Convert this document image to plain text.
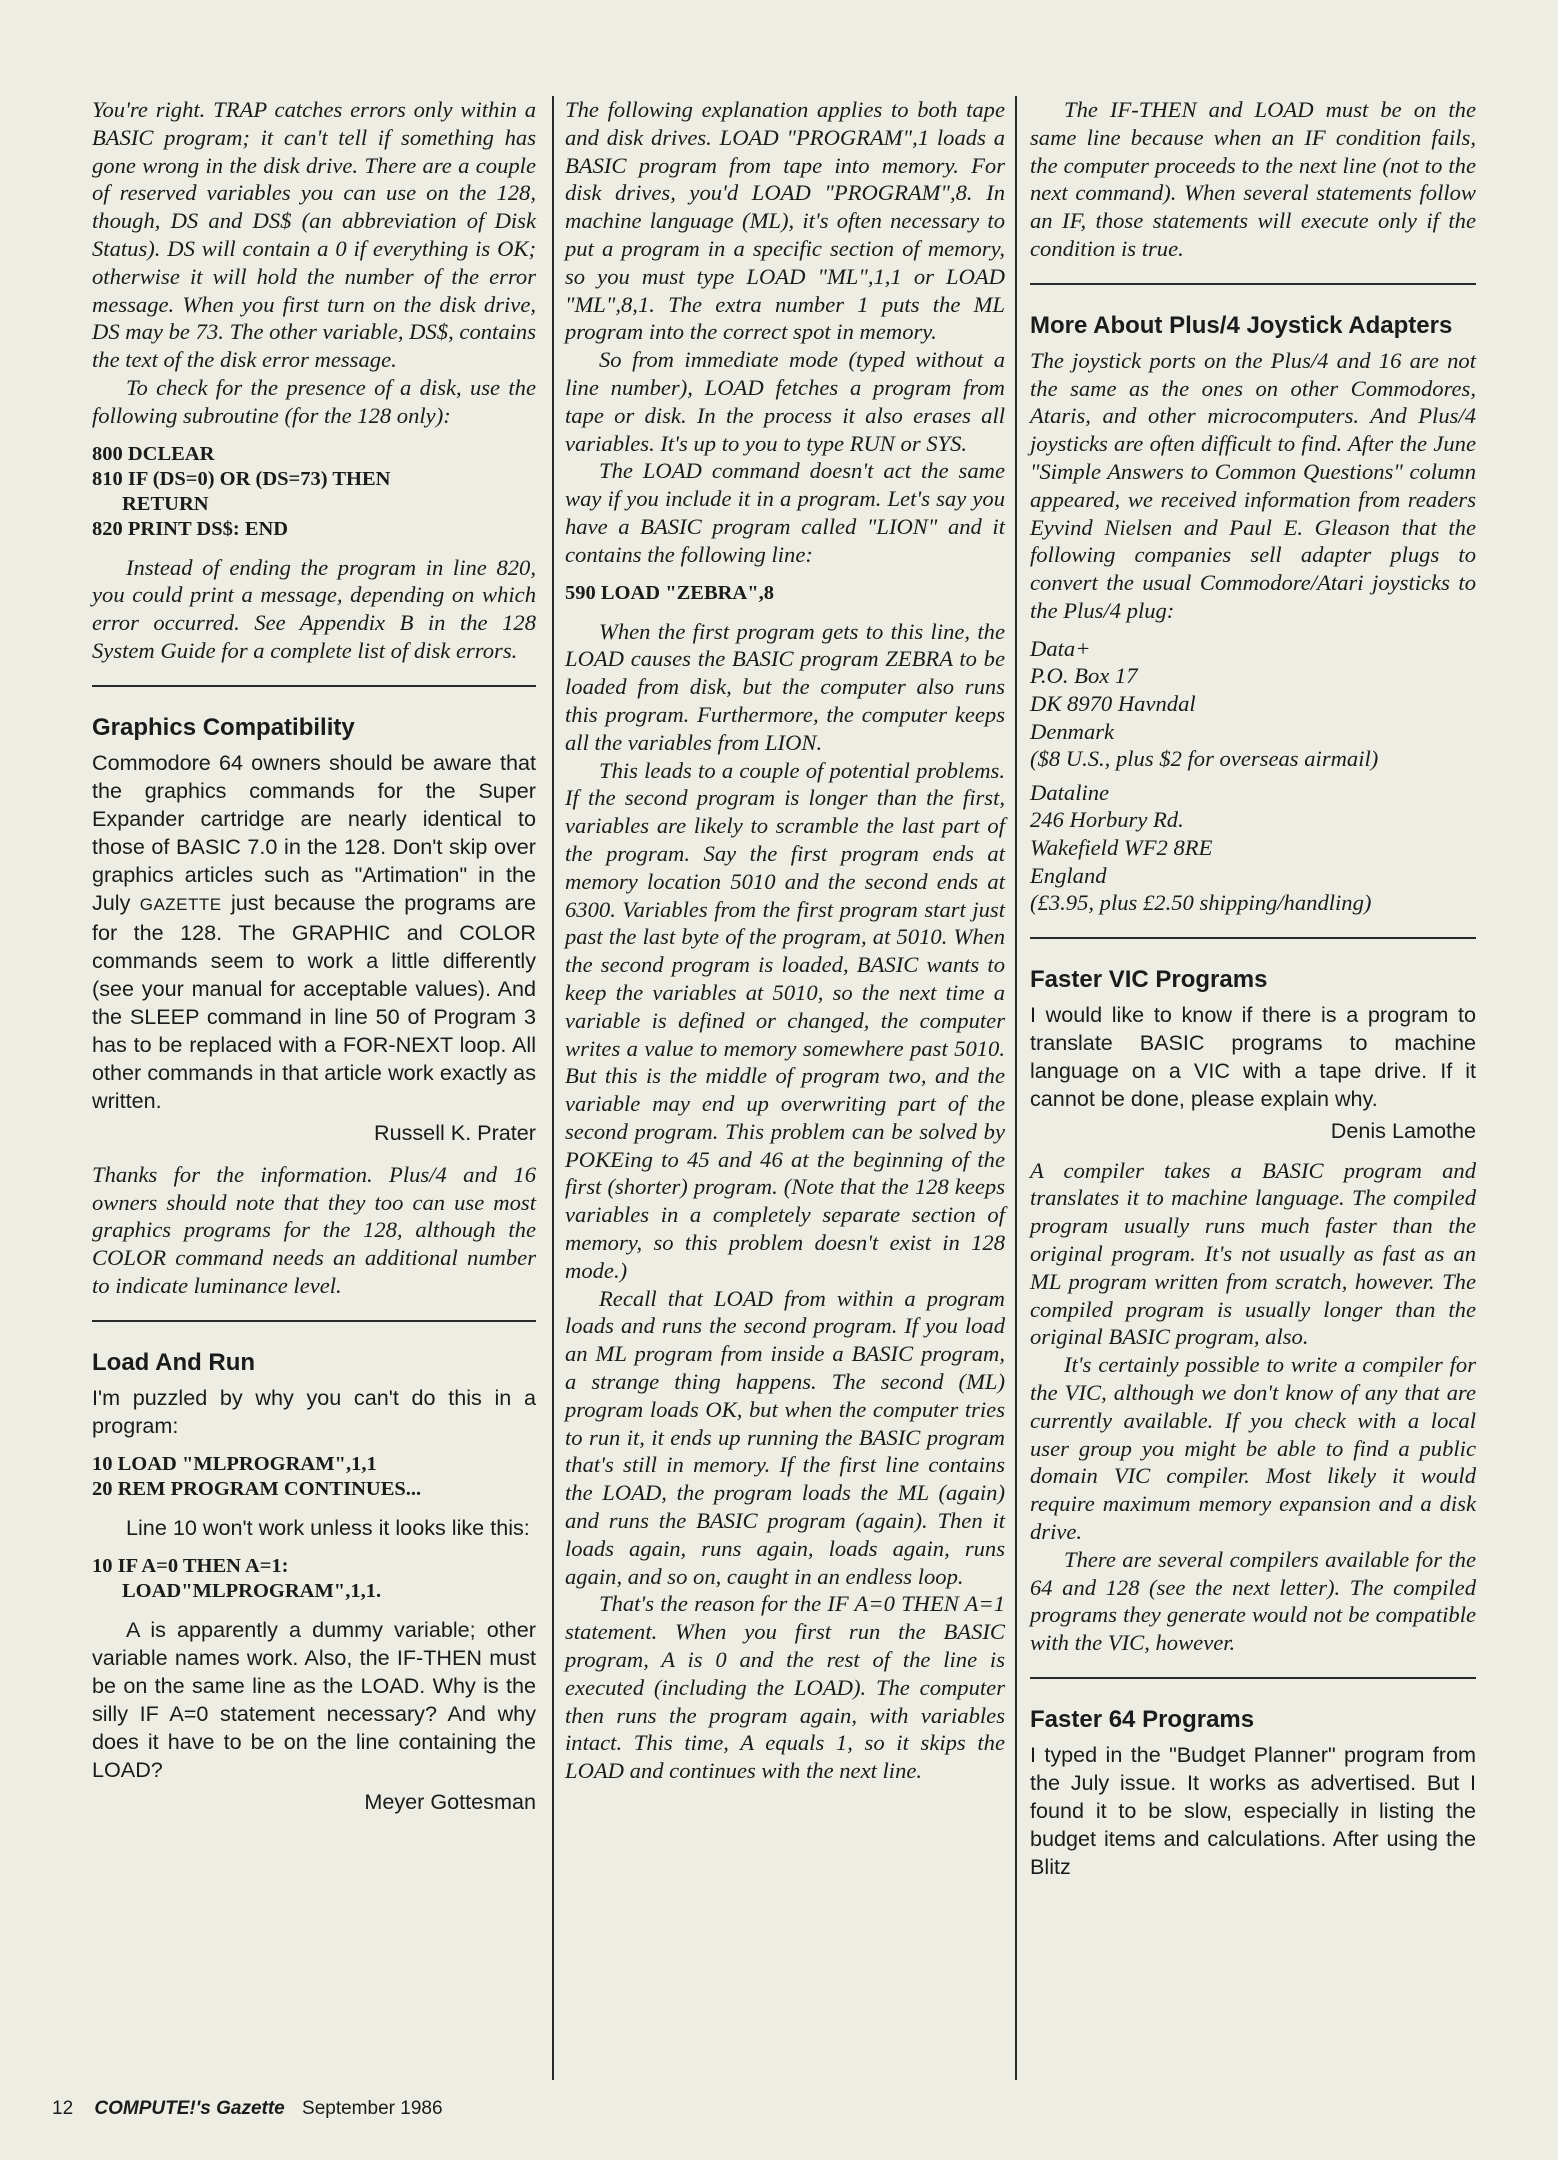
You're right. TRAP catches errors only within a BASIC program; it can't tell if something has gone wrong in the disk drive. There are a couple of reserved variables you can use on the 128, though, DS and DS$ (an abbreviation of Disk Status). DS will contain a 0 if everything is OK; otherwise it will hold the number of the error message. When you first turn on the disk drive, DS may be 73. The other variable, DS$, contains the text of the disk error message.

To check for the presence of a disk, use the following subroutine (for the 128 only):

800 DCLEAR
810 IF (DS=0) OR (DS=73) THEN
RETURN
820 PRINT DS$: END

Instead of ending the program in line 820, you could print a message, depending on which error occurred. See Appendix B in the 128 System Guide for a complete list of disk errors.

Graphics Compatibility

Commodore 64 owners should be aware that the graphics commands for the Super Expander cartridge are nearly identical to those of BASIC 7.0 in the 128. Don't skip over graphics articles such as "Artimation" in the July GAZETTE just because the programs are for the 128. The GRAPHIC and COLOR commands seem to work a little differently (see your manual for acceptable values). And the SLEEP command in line 50 of Program 3 has to be replaced with a FOR-NEXT loop. All other commands in that article work exactly as written.

Russell K. Prater

Thanks for the information. Plus/4 and 16 owners should note that they too can use most graphics programs for the 128, although the COLOR command needs an additional number to indicate luminance level.

Load And Run

I'm puzzled by why you can't do this in a program:

10 LOAD "MLPROGRAM",1,1
20 REM PROGRAM CONTINUES...

Line 10 won't work unless it looks like this:

10 IF A=0 THEN A=1:
LOAD"MLPROGRAM",1,1.

A is apparently a dummy variable; other variable names work. Also, the IF-THEN must be on the same line as the LOAD. Why is the silly IF A=0 statement necessary? And why does it have to be on the line containing the LOAD?

Meyer Gottesman

The following explanation applies to both tape and disk drives. LOAD "PROGRAM",1 loads a BASIC program from tape into memory. For disk drives, you'd LOAD "PROGRAM",8. In machine language (ML), it's often necessary to put a program in a specific section of memory, so you must type LOAD "ML",1,1 or LOAD "ML",8,1. The extra number 1 puts the ML program into the correct spot in memory.

So from immediate mode (typed without a line number), LOAD fetches a program from tape or disk. In the process it also erases all variables. It's up to you to type RUN or SYS.

The LOAD command doesn't act the same way if you include it in a program. Let's say you have a BASIC program called "LION" and it contains the following line:

590 LOAD "ZEBRA",8

When the first program gets to this line, the LOAD causes the BASIC program ZEBRA to be loaded from disk, but the computer also runs this program. Furthermore, the computer keeps all the variables from LION.

This leads to a couple of potential problems. If the second program is longer than the first, variables are likely to scramble the last part of the program. Say the first program ends at memory location 5010 and the second ends at 6300. Variables from the first program start just past the last byte of the program, at 5010. When the second program is loaded, BASIC wants to keep the variables at 5010, so the next time a variable is defined or changed, the computer writes a value to memory somewhere past 5010. But this is the middle of program two, and the variable may end up overwriting part of the second program. This problem can be solved by POKEing to 45 and 46 at the beginning of the first (shorter) program. (Note that the 128 keeps variables in a completely separate section of memory, so this problem doesn't exist in 128 mode.)

Recall that LOAD from within a program loads and runs the second program. If you load an ML program from inside a BASIC program, a strange thing happens. The second (ML) program loads OK, but when the computer tries to run it, it ends up running the BASIC program that's still in memory. If the first line contains the LOAD, the program loads the ML (again) and runs the BASIC program (again). Then it loads again, runs again, loads again, runs again, and so on, caught in an endless loop.

That's the reason for the IF A=0 THEN A=1 statement. When you first run the BASIC program, A is 0 and the rest of the line is executed (including the LOAD). The computer then runs the program again, with variables intact. This time, A equals 1, so it skips the LOAD and continues with the next line.

The IF-THEN and LOAD must be on the same line because when an IF condition fails, the computer proceeds to the next line (not to the next command). When several statements follow an IF, those statements will execute only if the condition is true.

More About Plus/4 Joystick Adapters

The joystick ports on the Plus/4 and 16 are not the same as the ones on other Commodores, Ataris, and other microcomputers. And Plus/4 joysticks are often difficult to find. After the June "Simple Answers to Common Questions" column appeared, we received information from readers Eyvind Nielsen and Paul E. Gleason that the following companies sell adapter plugs to convert the usual Commodore/Atari joysticks to the Plus/4 plug:

Data+
P.O. Box 17
DK 8970 Havndal
Denmark
($8 U.S., plus $2 for overseas airmail)
Dataline
246 Horbury Rd.
Wakefield WF2 8RE
England
(£3.95, plus £2.50 shipping/handling)
Faster VIC Programs

I would like to know if there is a program to translate BASIC programs to machine language on a VIC with a tape drive. If it cannot be done, please explain why.

Denis Lamothe

A compiler takes a BASIC program and translates it to machine language. The compiled program usually runs much faster than the original program. It's not usually as fast as an ML program written from scratch, however. The compiled program is usually longer than the original BASIC program, also.

It's certainly possible to write a compiler for the VIC, although we don't know of any that are currently available. If you check with a local user group you might be able to find a public domain VIC compiler. Most likely it would require maximum memory expansion and a disk drive.

There are several compilers available for the 64 and 128 (see the next letter). The compiled programs they generate would not be compatible with the VIC, however.

Faster 64 Programs

I typed in the "Budget Planner" program from the July issue. It works as advertised. But I found it to be slow, especially in listing the budget items and calculations. After using the Blitz

12 COMPUTE!'s Gazette September 1986
